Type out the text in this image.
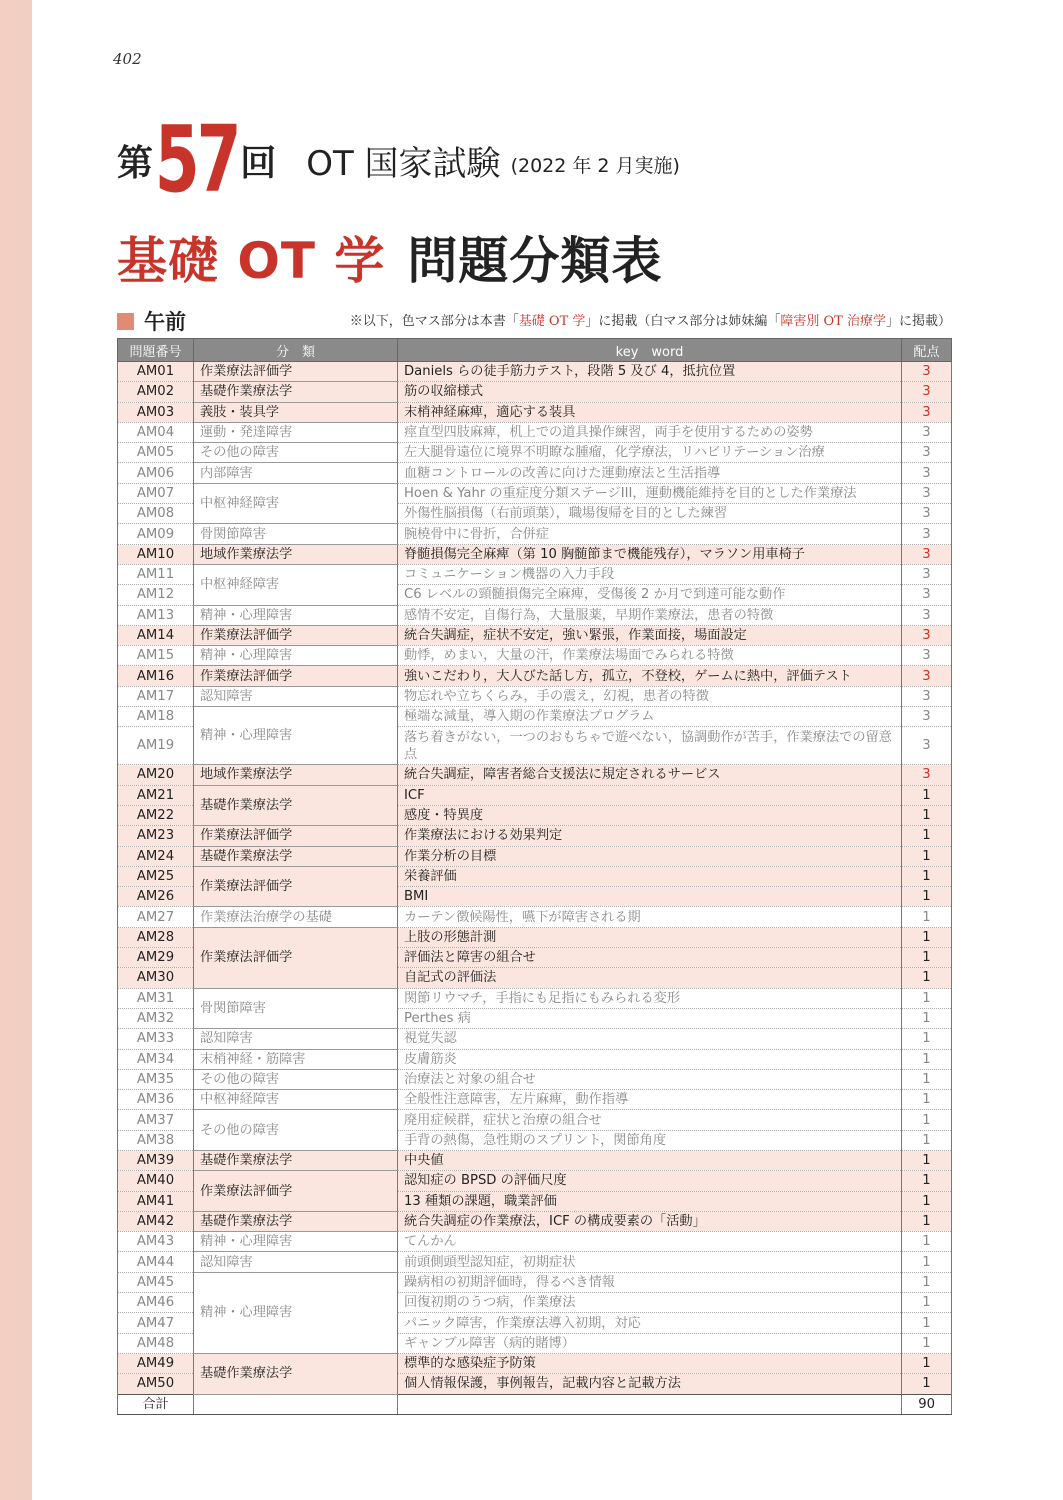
402
第 57 回 OT 国家試験 (2022 年 2 月実施)
基礎 OT 学 問題分類表
午前	※以下，色マス部分は本書「基礎 OT 学」に掲載（白マス部分は姉妹編「障害別 OT 治療学」に掲載）
問題番号	分　類	key　word	配点
AM01	作業療法評価学	Daniels らの徒手筋力テスト，段階 5 及び 4，抵抗位置	3
AM02	基礎作業療法学	筋の収縮様式	3
AM03	義肢・装具学	末梢神経麻痺，適応する装具	3
AM04	運動・発達障害	痙直型四肢麻痺，机上での道具操作練習，両手を使用するための姿勢	3
AM05	その他の障害	左大腿骨遠位に境界不明瞭な腫瘤，化学療法，リハビリテーション治療	3
AM06	内部障害	血糖コントロールの改善に向けた運動療法と生活指導	3
AM07	中枢神経障害	Hoen & Yahr の重症度分類ステージIII，運動機能維持を目的とした作業療法	3
AM08		外傷性脳損傷（右前頭葉），職場復帰を目的とした練習	3
AM09	骨関節障害	腕橈骨中に骨折，合併症	3
AM10	地域作業療法学	脊髄損傷完全麻痺（第 10 胸髄節まで機能残存），マラソン用車椅子	3
AM11	中枢神経障害	コミュニケーション機器の入力手段	3
AM12		C6 レベルの頸髄損傷完全麻痺，受傷後 2 か月で到達可能な動作	3
AM13	精神・心理障害	感情不安定，自傷行為，大量服薬，早期作業療法，患者の特徴	3
AM14	作業療法評価学	統合失調症，症状不安定，強い緊張，作業面接，場面設定	3
AM15	精神・心理障害	動悸，めまい，大量の汗，作業療法場面でみられる特徴	3
AM16	作業療法評価学	強いこだわり，大人びた話し方，孤立，不登校，ゲームに熱中，評価テスト	3
AM17	認知障害	物忘れや立ちくらみ，手の震え，幻視，患者の特徴	3
AM18	精神・心理障害	極端な減量，導入期の作業療法プログラム	3
AM19		落ち着きがない，一つのおもちゃで遊べない，協調動作が苦手，作業療法での留意点	3
AM20	地域作業療法学	統合失調症，障害者総合支援法に規定されるサービス	3
AM21	基礎作業療法学	ICF	1
AM22		感度・特異度	1
AM23	作業療法評価学	作業療法における効果判定	1
AM24	基礎作業療法学	作業分析の目標	1
AM25	作業療法評価学	栄養評価	1
AM26		BMI	1
AM27	作業療法治療学の基礎	カーテン徴候陽性，嚥下が障害される期	1
AM28	作業療法評価学	上肢の形態計測	1
AM29		評価法と障害の組合せ	1
AM30		自記式の評価法	1
AM31	骨関節障害	関節リウマチ，手指にも足指にもみられる変形	1
AM32		Perthes 病	1
AM33	認知障害	視覚失認	1
AM34	末梢神経・筋障害	皮膚筋炎	1
AM35	その他の障害	治療法と対象の組合せ	1
AM36	中枢神経障害	全般性注意障害，左片麻痺，動作指導	1
AM37	その他の障害	廃用症候群，症状と治療の組合せ	1
AM38		手背の熱傷，急性期のスプリント，関節角度	1
AM39	基礎作業療法学	中央値	1
AM40	作業療法評価学	認知症の BPSD の評価尺度	1
AM41		13 種類の課題，職業評価	1
AM42	基礎作業療法学	統合失調症の作業療法，ICF の構成要素の「活動」	1
AM43	精神・心理障害	てんかん	1
AM44	認知障害	前頭側頭型認知症，初期症状	1
AM45	精神・心理障害	躁病相の初期評価時，得るべき情報	1
AM46		回復初期のうつ病，作業療法	1
AM47		パニック障害，作業療法導入初期，対応	1
AM48		ギャンブル障害（病的賭博）	1
AM49	基礎作業療法学	標準的な感染症予防策	1
AM50		個人情報保護，事例報告，記載内容と記載方法	1
合計			90
